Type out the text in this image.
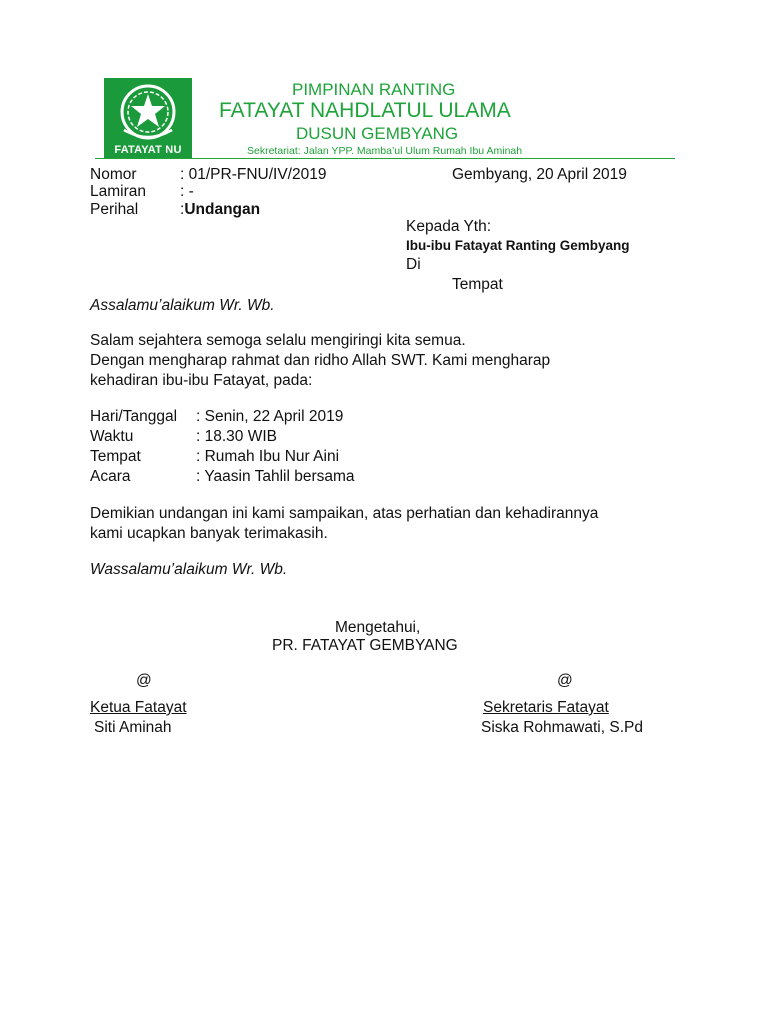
FATAYAT NU
PIMPINAN RANTING
FATAYAT NAHDLATUL ULAMA
DUSUN GEMBYANG
Sekretariat: Jalan YPP. Mamba’ul Ulum Rumah Ibu Aminah
Nomor	: 01/PR-FNU/IV/2019	Gembyang, 20 April 2019
Lamiran : -
Perihal	:Undangan
Kepada Yth:
Ibu-ibu Fatayat Ranting Gembyang
Di
Tempat
Assalamu’alaikum Wr. Wb.
Salam sejahtera semoga selalu mengiringi kita semua.
Dengan mengharap rahmat dan ridho Allah SWT. Kami mengharap
kehadiran ibu-ibu Fatayat, pada:
Hari/Tanggal : Senin, 22 April 2019
Waktu	: 18.30 WIB
Tempat	: Rumah Ibu Nur Aini
Acara	: Yaasin Tahlil bersama
Demikian undangan ini kami sampaikan, atas perhatian dan kehadirannya
kami ucapkan banyak terimakasih.
Wassalamu’alaikum Wr. Wb.
Mengetahui,
PR. FATAYAT GEMBYANG
@	@
Ketua Fatayat
Siti Aminah
Sekretaris Fatayat
Siska Rohmawati, S.Pd
